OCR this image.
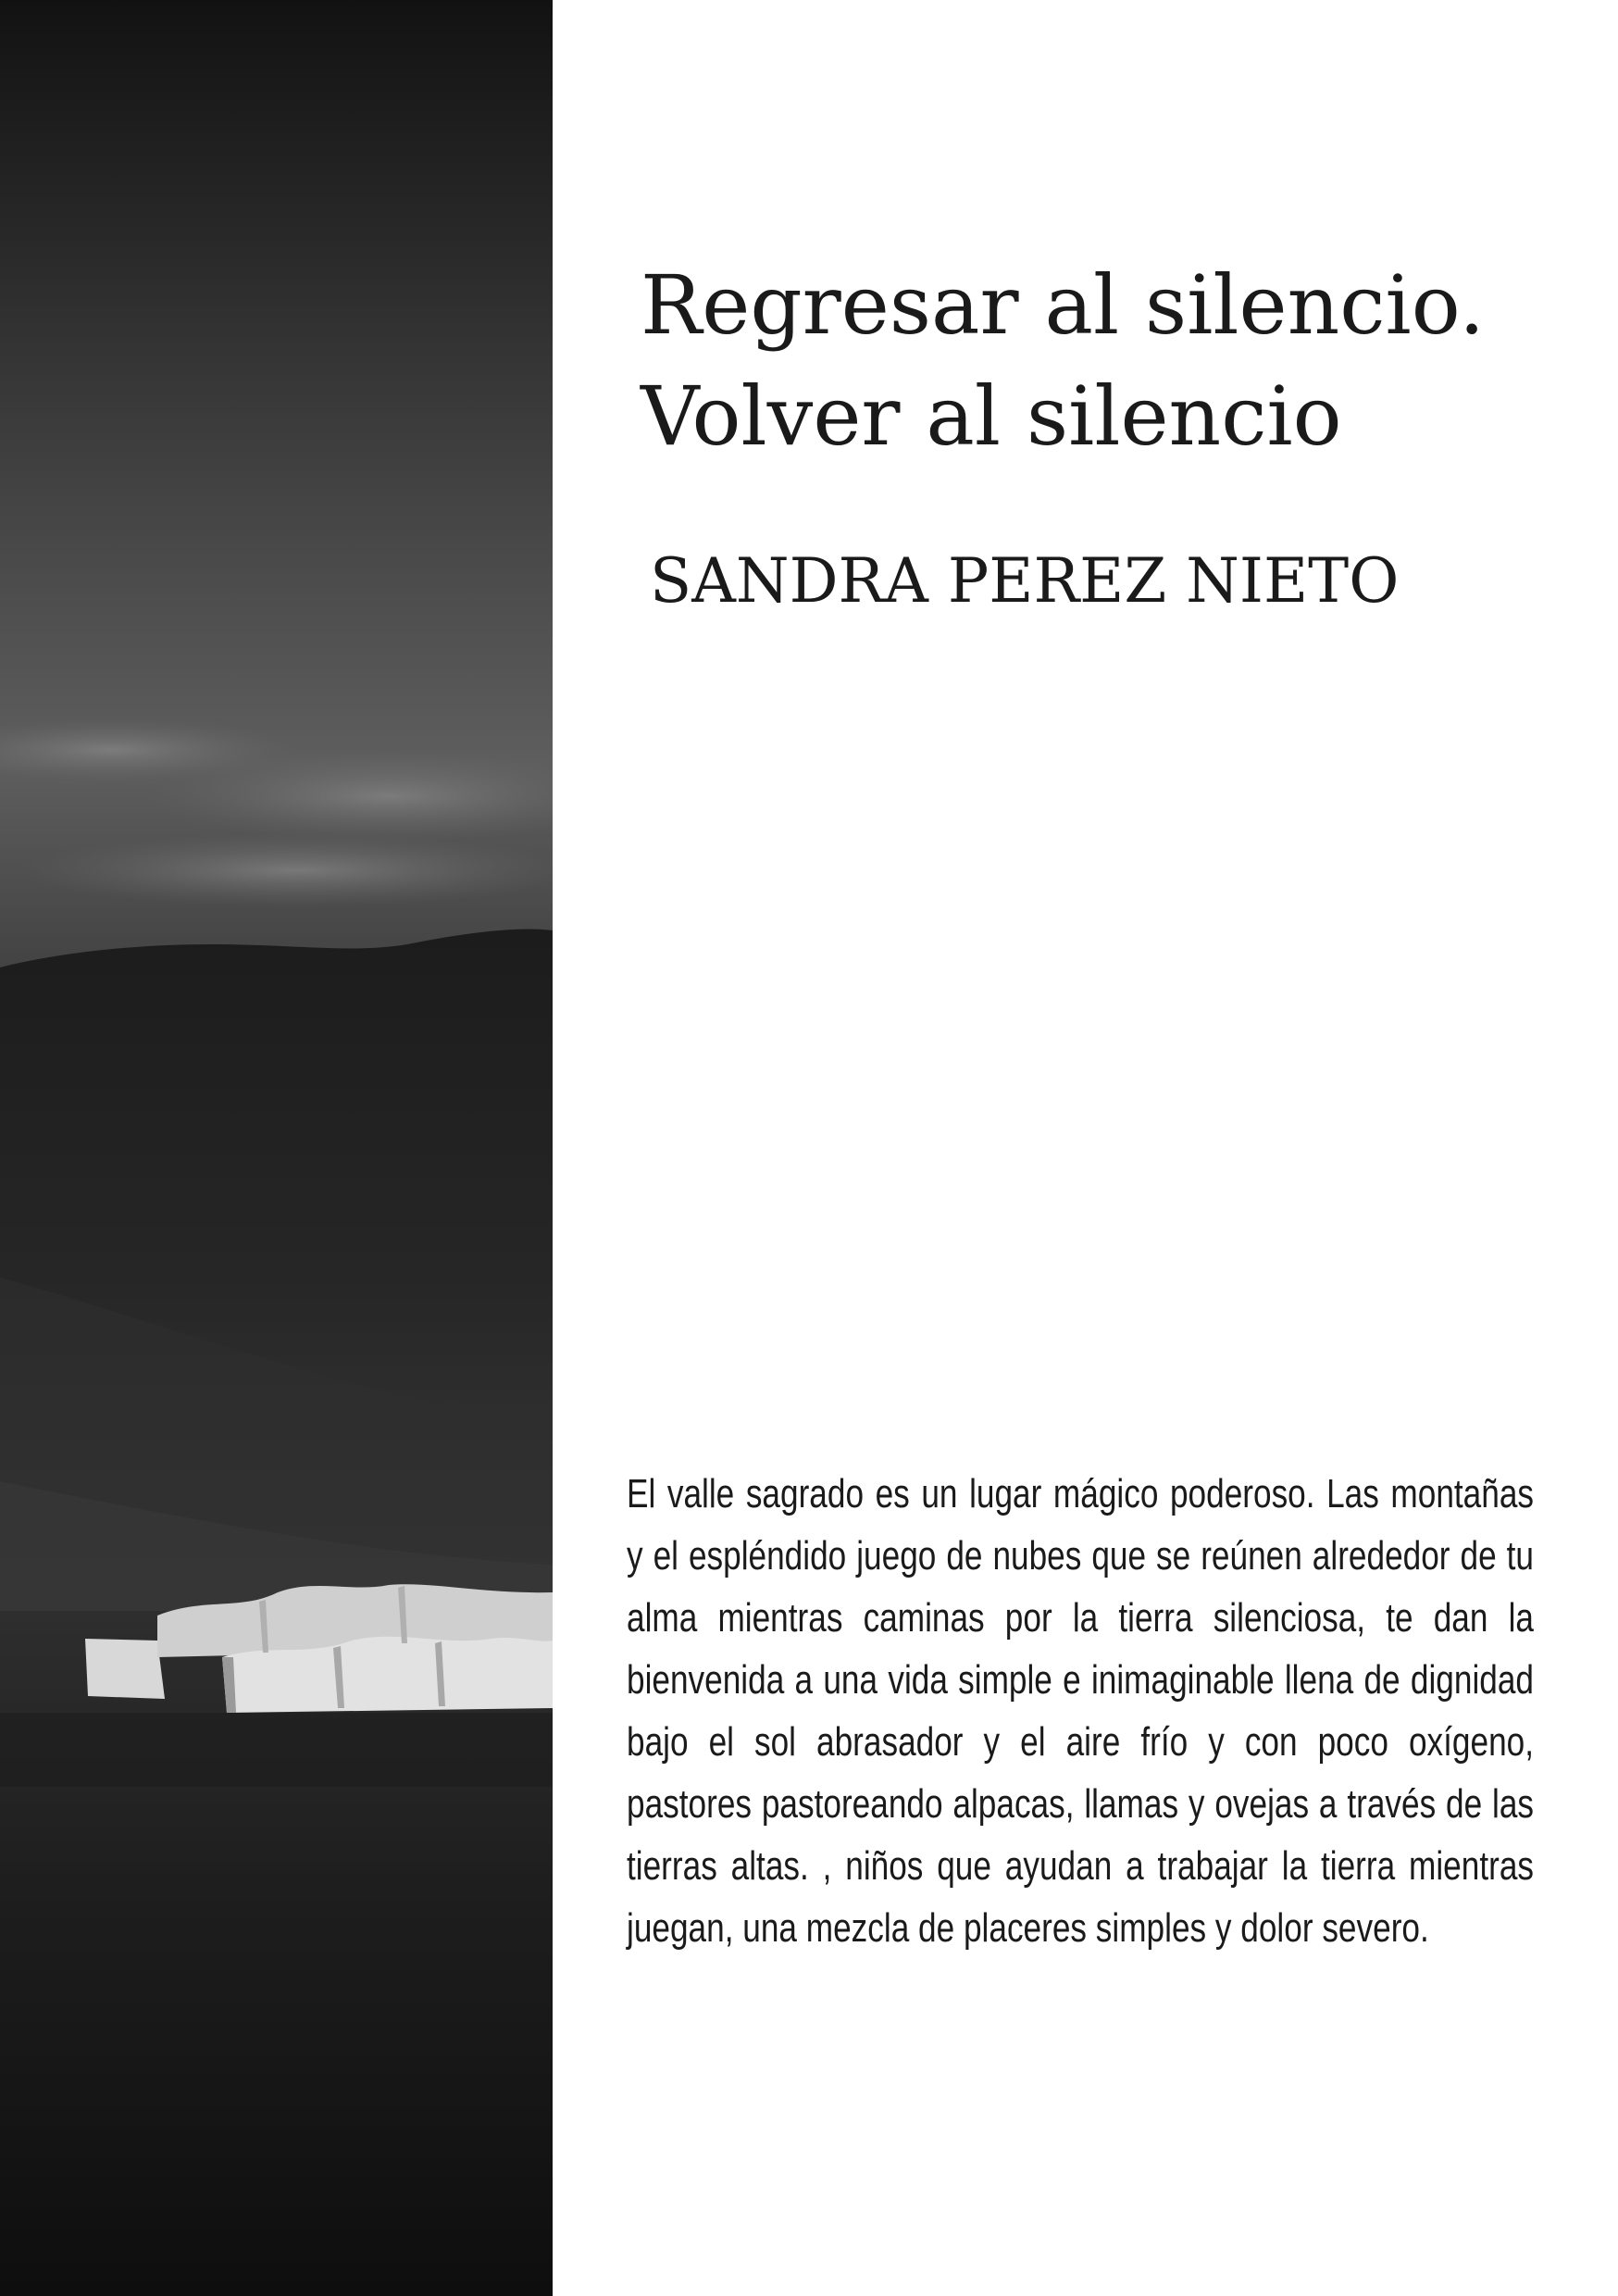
Regresar al silencio.
Volver al silencio

SANDRA PEREZ NIETO

El valle sagrado es un lugar mágico poderoso. Las montañas y el espléndido juego de nubes que se reúnen alrededor de tu alma mientras caminas por la tierra silenciosa, te dan la bienvenida a una vida simple e inimaginable llena de dignidad bajo el sol abrasador y el aire frío y con poco oxígeno, pastores pastoreando alpacas, llamas y ovejas a través de las tierras altas. , niños que ayudan a trabajar la tierra mientras juegan, una mezcla de placeres simples y dolor severo.
